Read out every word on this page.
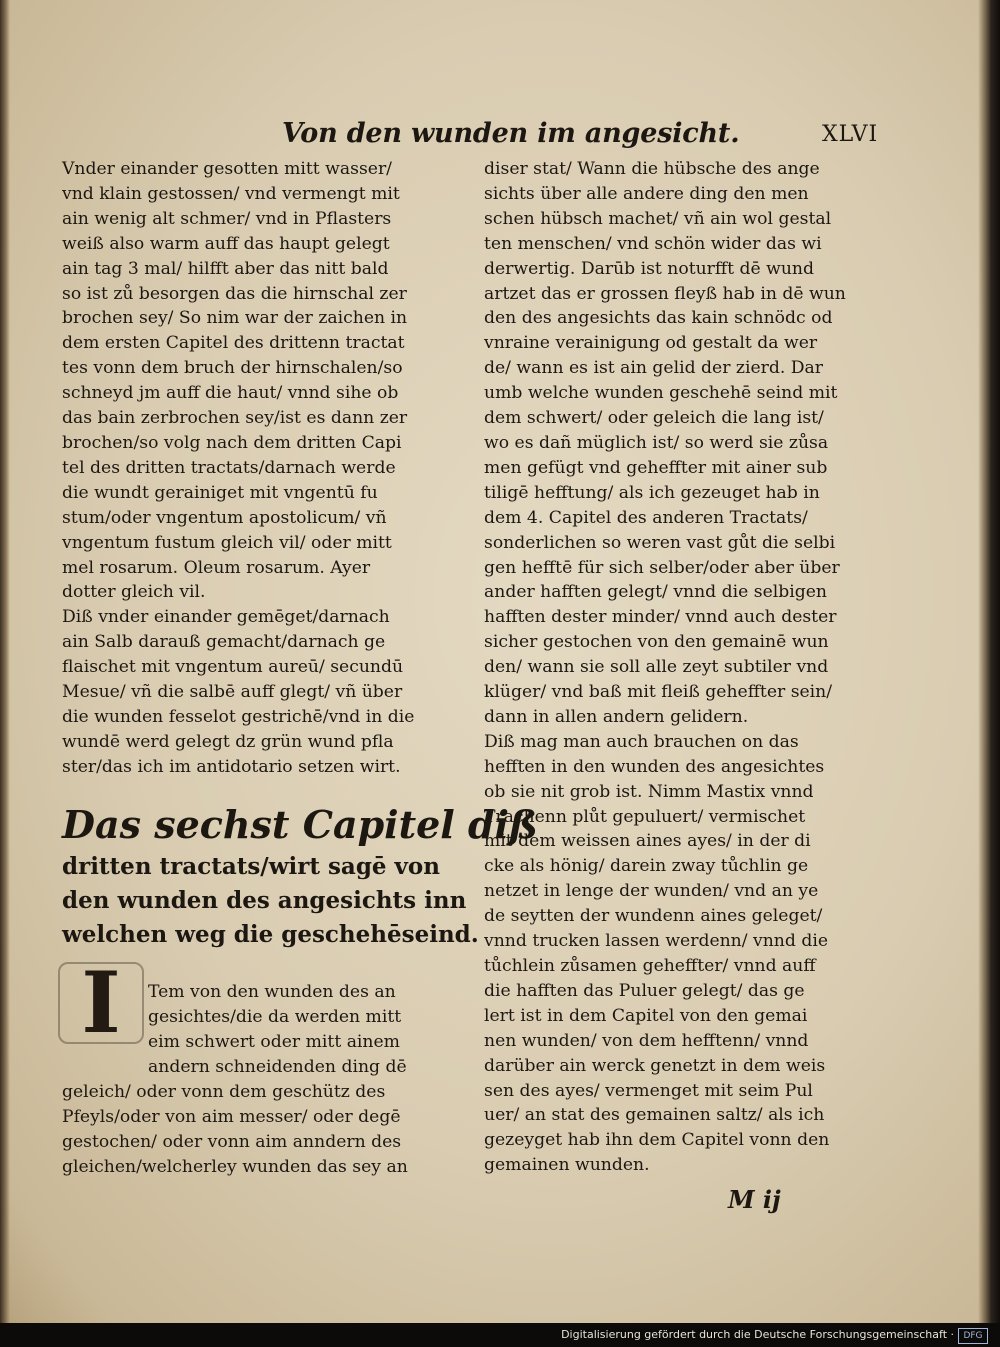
Von den wunden im angesicht.	XLVI
Vnder einander gesotten mitt wasser/
vnd klain gestossen/ vnd vermengt mit
ain wenig alt schmer/ vnd in Pflasters
weiß also warm auff das haupt gelegt
ain tag 3 mal/ hilfft aber das nitt bald
so ist zů besorgen das die hirnschal zer
brochen sey/ So nim war der zaichen in
dem ersten Capitel des drittenn tractat
tes vonn dem bruch der hirnschalen/so
schneyd jm auff die haut/ vnnd sihe ob
das bain zerbrochen sey/ist es dann zer
brochen/so volg nach dem dritten Capi
tel des dritten tractats/darnach werde
die wundt gerainiget mit vngentū fu
stum/oder vngentum apostolicum/ vñ
vngentum fustum gleich vil/ oder mitt
mel rosarum. Oleum rosarum. Ayer
dotter gleich vil.
Diß vnder einander gemēget/darnach
ain Salb darauß gemacht/darnach ge
flaischet mit vngentum aureū/ secundū
Mesue/ vñ die salbē auff glegt/ vñ über
die wunden fesselot gestrichē/vnd in die
wundē werd gelegt dz grün wund pfla
ster/das ich im antidotario setzen wirt.
Das sechst Capitel diß
dritten tractats/wirt sagē von
den wunden des angesichts inn
welchen weg die geschehēseind.
I	Tem von den wunden des an
gesichtes/die da werden mitt
eim schwert oder mitt ainem
andern schneidenden ding dē
geleich/ oder vonn dem geschütz des
Pfeyls/oder von aim messer/ oder degē
gestochen/ oder vonn aim anndern des
gleichen/welcherley wunden das sey an
diser stat/ Wann die hübsche des ange
sichts über alle andere ding den men
schen hübsch machet/ vñ ain wol gestal
ten menschen/ vnd schön wider das wi
derwertig. Darūb ist noturfft dē wund
artzet das er grossen fleyß hab in dē wun
den des angesichts das kain schnödc od
vnraine verainigung od gestalt da wer
de/ wann es ist ain gelid der zierd. Dar
umb welche wunden geschehē seind mit
dem schwert/ oder geleich die lang ist/
wo es dañ müglich ist/ so werd sie zůsa
men gefügt vnd geheffter mit ainer sub
tiligē hefftung/ als ich gezeuget hab in
dem 4. Capitel des anderen Tractats/
sonderlichen so weren vast gůt die selbi
gen hefftē für sich selber/oder aber über
ander hafften gelegt/ vnnd die selbigen
hafften dester minder/ vnnd auch dester
sicher gestochen von den gemainē wun
den/ wann sie soll alle zeyt subtiler vnd
klüger/ vnd baß mit fleiß geheffter sein/
dann in allen andern gelidern.
Diß mag man auch brauchen on das
hefften in den wunden des angesichtes
ob sie nit grob ist. Nimm Mastix vnnd
Trachenn plůt gepuluert/ vermischet
mit dem weissen aines ayes/ in der di
cke als hönig/ darein zway tůchlin ge
netzet in lenge der wunden/ vnd an ye
de seytten der wundenn aines geleget/
vnnd trucken lassen werdenn/ vnnd die
tůchlein zůsamen geheffter/ vnnd auff
die hafften das Puluer gelegt/ das ge
lert ist in dem Capitel von den gemai
nen wunden/ von dem hefftenn/ vnnd
darüber ain werck genetzt in dem weis
sen des ayes/ vermenget mit seim Pul
uer/ an stat des gemainen saltz/ als ich
gezeyget hab ihn dem Capitel vonn den
gemainen wunden.
M ij
Digitalisierung gefördert durch die Deutsche Forschungsgemeinschaft ·	DFG
